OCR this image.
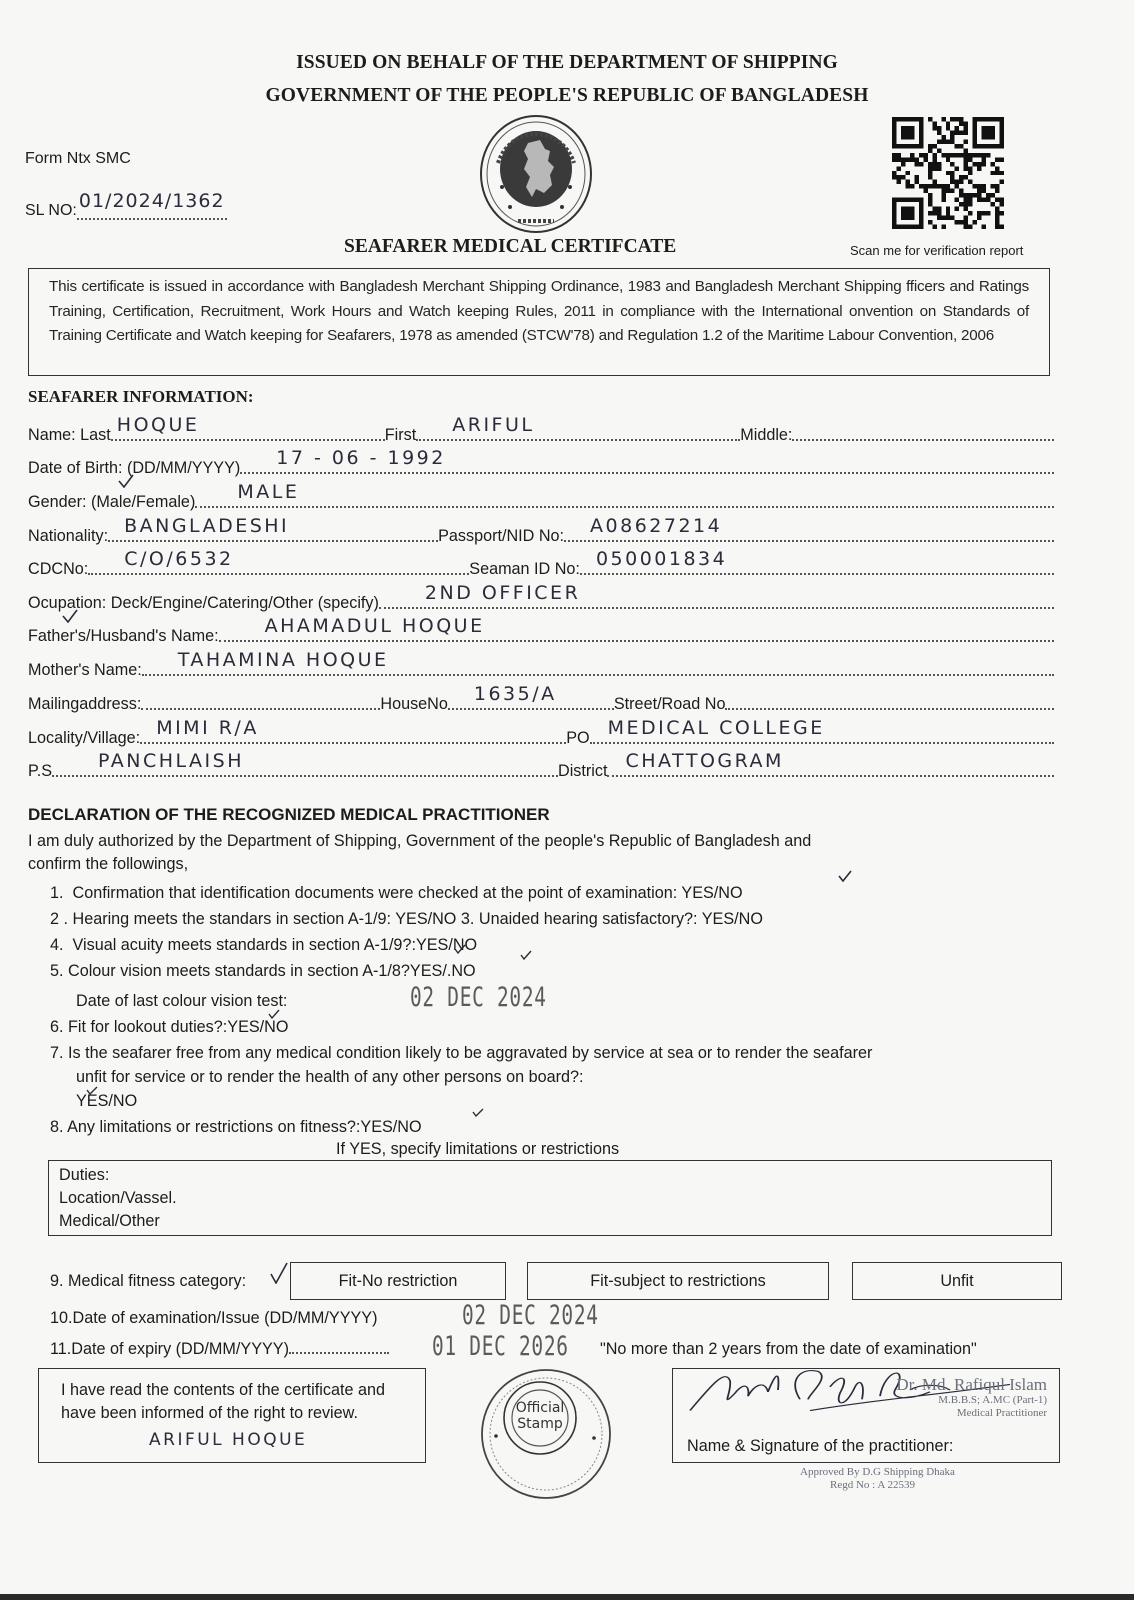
ISSUED ON BEHALF OF THE DEPARTMENT OF SHIPPING
GOVERNMENT OF THE PEOPLE'S REPUBLIC OF BANGLADESH
Form Ntx SMC
SL NO: 01/2024/1362
Scan me for verification report
SEAFARER MEDICAL CERTIFCATE
This certificate is issued in accordance with Bangladesh Merchant Shipping Ordinance, 1983 and Bangladesh Merchant Shipping fficers and Ratings Training, Certification, Recruitment, Work Hours and Watch keeping Rules, 2011 in compliance with the International onvention on Standards of Training Certificate and Watch keeping for Seafarers, 1978 as amended (STCW'78) and Regulation 1.2 of the Maritime Labour Convention, 2006
SEAFARER INFORMATION:
Name: Last HOQUE	First	ARIFUL	Middle:
Date of Birth: (DD/MM/YYYY)	17 - 06 - 1992
Gender: (Male/Female)	MALE
Nationality: BANGLADESHI	Passport/NID No:	A08627214
CDCNo:	C/O/6532	Seaman ID No: 050001834
Ocupation: Deck/Engine/Catering/Other (specify)	2ND OFFICER
Father's/Husband's Name:	AHAMADUL HOQUE
Mother's Name:	TAHAMINA HOQUE
Mailingaddress:	HouseNo	1635/A	Street/Road No
Locality/Village: MIMI R/A	PO MEDICAL COLLEGE
P.S	PANCHLAISH	District CHATTOGRAM
DECLARATION OF THE RECOGNIZED MEDICAL PRACTITIONER
I am duly authorized by the Department of Shipping, Government of the people's Republic of Bangladesh and
confirm the followings,
1. Confirmation that identification documents were checked at the point of examination: YES/NO
2 . Hearing meets the standars in section A-1/9: YES/NO 3. Unaided hearing satisfactory?: YES/NO
4. Visual acuity meets standards in section A-1/9?:YES/NO
5. Colour vision meets standards in section A-1/8?YES/.NO
Date of last colour vision test:	02 DEC 2024
6. Fit for lookout duties?:YES/NO
7. Is the seafarer free from any medical condition likely to be aggravated by service at sea or to render the seafarer
unfit for service or to render the health of any other persons on board?:
YES/NO
8. Any limitations or restrictions on fitness?:YES/NO
If YES, specify limitations or restrictions
Duties:
Location/Vassel.
Medical/Other
9. Medical fitness category:	Fit-No restriction	Fit-subject to restrictions	Unfit
10.Date of examination/Issue (DD/MM/YYYY)	02 DEC 2024
11.Date of expiry (DD/MM/YYYY)	01 DEC 2026	"No more than 2 years from the date of examination"
I have read the contents of the certificate and have been informed of the right to review.
ARIFUL HOQUE
Official
Stamp
Dr. Md. Rafiqul Islam
M.B.B.S; A.MC (Part-1)
Medical Practitioner
Name & Signature of the practitioner:
Approved By D.G Shipping Dhaka
Regd No : A 22539
